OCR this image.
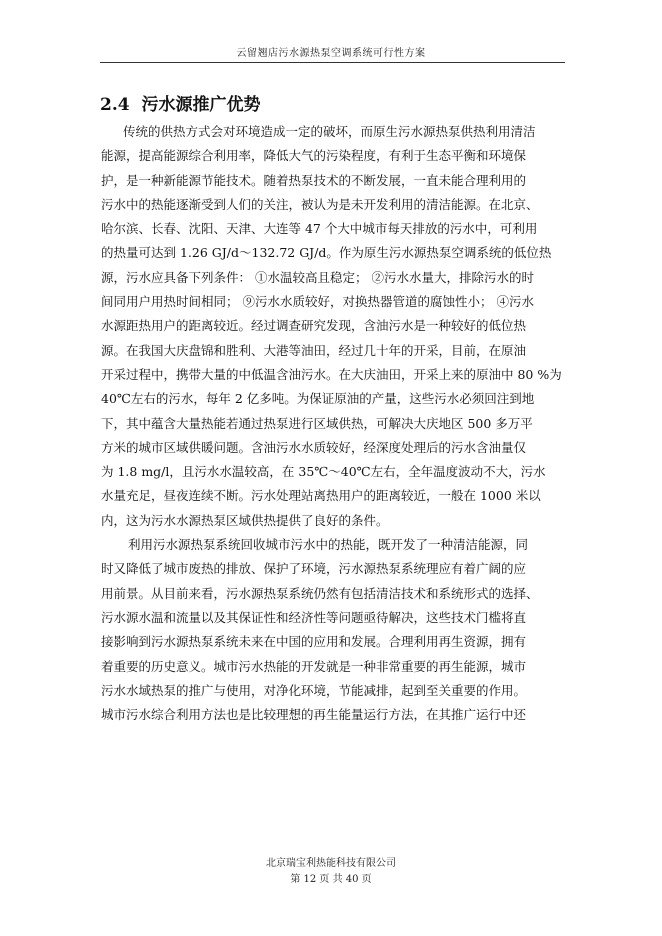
云留翘店污水源热泵空调系统可行性方案
2.4 污水源推广优势
传统的供热方式会对环境造成一定的破坏，而原生污水源热泵供热利用清洁
能源，提高能源综合利用率，降低大气的污染程度，有利于生态平衡和环境保
护，是一种新能源节能技术。随着热泵技术的不断发展，一直未能合理利用的
污水中的热能逐渐受到人们的关注，被认为是未开发利用的清洁能源。在北京、
哈尔滨、长春、沈阳、天津、大连等 47 个大中城市每天排放的污水中，可利用
的热量可达到 1.26 GJ/d～132.72 GJ/d。作为原生污水源热泵空调系统的低位热
源，污水应具备下列条件： ①水温较高且稳定； ②污水水量大，排除污水的时
间同用户用热时间相同； ⑨污水水质较好，对换热器管道的腐蚀性小； ④污水
水源距热用户的距离较近。经过调查研究发现，含油污水是一种较好的低位热
源。在我国大庆盘锦和胜利、大港等油田，经过几十年的开采，目前，在原油
开采过程中，携带大量的中低温含油污水。在大庆油田，开采上来的原油中 80 %为
40℃左右的污水，每年 2 亿多吨。为保证原油的产量，这些污水必须回注到地
下，其中蕴含大量热能若通过热泵进行区域供热，可解决大庆地区 500 多万平
方米的城市区域供暖问题。含油污水水质较好，经深度处理后的污水含油量仅
为 1.8 mg/l，且污水水温较高，在 35℃～40℃左右，全年温度波动不大，污水
水量充足，昼夜连续不断。污水处理站离热用户的距离较近，一般在 1000 米以
内，这为污水水源热泵区域供热提供了良好的条件。
利用污水源热泵系统回收城市污水中的热能，既开发了一种清洁能源，同
时又降低了城市废热的排放、保护了环境，污水源热泵系统理应有着广阔的应
用前景。从目前来看，污水源热泵系统仍然有包括清洁技术和系统形式的选择、
污水源水温和流量以及其保证性和经济性等问题亟待解决，这些技术门槛将直
接影响到污水源热泵系统未来在中国的应用和发展。合理利用再生资源，拥有
着重要的历史意义。城市污水热能的开发就是一种非常重要的再生能源，城市
污水水域热泵的推广与使用，对净化环境，节能减排，起到至关重要的作用。
城市污水综合利用方法也是比较理想的再生能量运行方法，在其推广运行中还
北京瑞宝利热能科技有限公司
第 12 页 共 40 页
